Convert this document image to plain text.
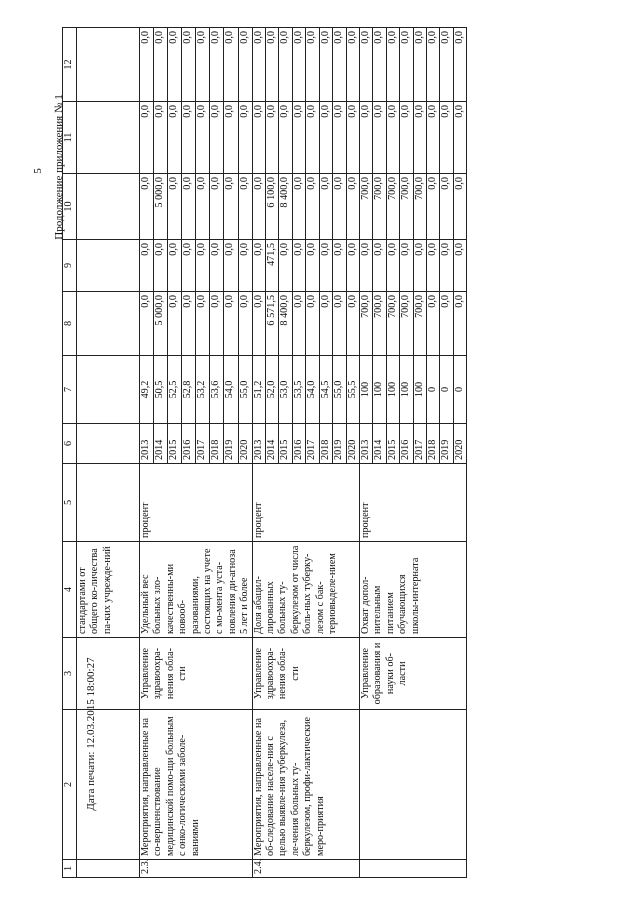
5 Продолжение приложения № 1
Дата печати: 12.03.2015 18:00:27
1	2	3	4	5	6	7	8	9	10	11	12
			стандартами от общего ко-личества па-ких учрежде-ний								
2.3.	Мероприятия, направленные на со-вершенствование медицинской помо-щи больным с онко-логическими заболе-ваниями	Управление здравоохра-нения обла-сти	Удельный вес больных зло-качественны-ми новооб-разованиями, состоящих на учете с мо-мента уста-новления ди-агноза 5 лет и более	процент	2013	49,2	0,0	0,0	0,0	0,0	0,0
					2014	50,5	5 000,0	0,0	5 000,0	0,0	0,0
					2015	52,5	0,0	0,0	0,0	0,0	0,0
					2016	52,8	0,0	0,0	0,0	0,0	0,0
					2017	53,2	0,0	0,0	0,0	0,0	0,0
					2018	53,6	0,0	0,0	0,0	0,0	0,0
					2019	54,0	0,0	0,0	0,0	0,0	0,0
					2020	55,0	0,0	0,0	0,0	0,0	0,0
2.4.	Мероприятия, направленные на об-следование населе-ния с целью выявле-ния туберкулеза, ле-чения больных ту-беркулезом, профи-лактические меро-приятия	Управление здравоохра-нения обла-сти	Доля абацил-лированных больных ту-беркулезом от числа боль-ных туберку-лезом с бак-териовыделе-нием	процент	2013	51,2	0,0	0,0	0,0	0,0	0,0
					2014	52,0	6 571,5	471,5	6 100,0	0,0	0,0
					2015	53,0	8 400,0	0,0	8 400,0	0,0	0,0
					2016	53,5	0,0	0,0	0,0	0,0	0,0
					2017	54,0	0,0	0,0	0,0	0,0	0,0
					2018	54,5	0,0	0,0	0,0	0,0	0,0
					2019	55,0	0,0	0,0	0,0	0,0	0,0
					2020	55,5	0,0	0,0	0,0	0,0	0,0
		Управление образования и науки об-ласти	Охват допол-нительным питанием обучающихся школы-интерната	процент	2013	100	700,0	0,0	700,0	0,0	0,0
					2014	100	700,0	0,0	700,0	0,0	0,0
					2015	100	700,0	0,0	700,0	0,0	0,0
					2016	100	700,0	0,0	700,0	0,0	0,0
					2017	100	700,0	0,0	700,0	0,0	0,0
					2018	0	0,0	0,0	0,0	0,0	0,0
					2019	0	0,0	0,0	0,0	0,0	0,0
					2020	0	0,0	0,0	0,0	0,0	0,0
